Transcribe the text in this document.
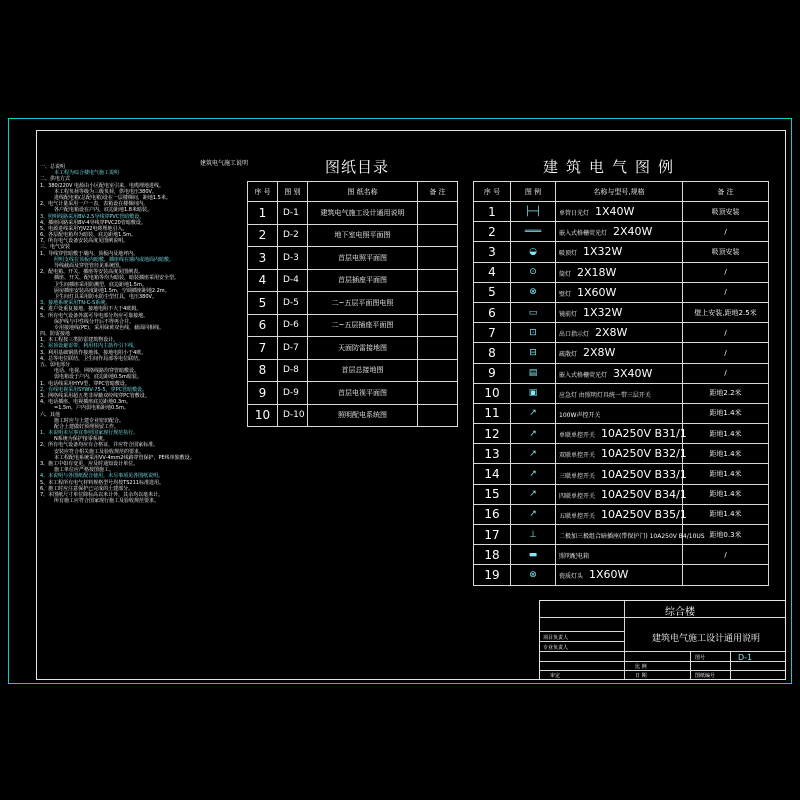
建筑电气施工说明
一、总说明
本工程为综合楼电气施工说明
二、供电方式
1、380/220V 电源由小区配电室引来，电缆埋地进线。
本工程负荷等级为三级负荷，供电电压380V。
进线配电箱(总配电箱)设在一层楼梯间，距地1.5米。
2、电气计量采用一户一表，表箱设在楼梯间内。
各户配电箱设在户内，底边距地1.8米暗装。
3、照明线路采用BV-2.5导线穿PVC管暗敷设。
4、插座回路采用BV-4导线穿PVC20管暗敷设。
5、电源进线采用YJV22电缆埋地引入。
6、各层配电箱均为暗装，底边距地1.5m。
7、所有电气设备安装高度见图例说明。
三、电气安装
1、导线穿管暗敷于墙内、顶板内及地坪内。
照明支线在顶板内暗敷，插座线在墙内或地面内暗敷。
导线截面及穿管管径见系统图。
2、配电箱、开关、插座等安装高度见图例表。
插座、开关、配电箱等均为暗装，暗装插座采用安全型。
卫生间插座采用防溅型，底边距地1.5m。
厨房插座安装高度距地1.5m，空调插座距地2.2m。
卫生间灯具采用防水防尘型灯具，电压380V。
3、接地系统采用TN-C-S系统。
4、进户处重复接地，接地电阻不大于4欧姆。
5、所有电气设备外露可导电部分均应可靠接地。
保护线与中性线分开后不得再合并。
专用接地线(PE)，采用绿黄双色线，截面同相线。
四、防雷接地
1、本工程按三类防雷建筑物设计。
2、屋顶设避雷带，利用柱内主筋作引下线。
3、利用基础钢筋作接地体，接地电阻小于4欧。
4、总等电位联结，卫生间作局部等电位联结。
五、弱电部分
电话、电视、网络线路均穿管暗敷设。
弱电箱设于户内，底边距地0.5m暗装。
1、电话线采用HYV型，穿PC管暗敷设。
2、有线电视采用SYWV-75-5，穿PC管暗敷设。
3、网络线采用超五类非屏蔽双绞线穿PC管敷设。
4、电话插座、电视插座底边距地0.3m。
=1.5m，户内弱电箱距地0.5m。
六、其他
施工时应与土建专业密切配合。
配合土建做好预埋预留工作。
1、本说明未尽事宜参照国家现行规范执行。
N系统为保护接零系统。
2、所有电气设备均应有合格证，并应符合国家标准。
安装应符合相关施工及验收规范的要求。
本工程配电系统采用VV-4mm2线路穿管保护，PE线单独敷设。
3、施工中如有变更，应及时通知设计单位。
施工单位应严格按图施工。
4、本说明与各图纸配合使用，未尽事项见各图纸说明。
5、本工程所有电气材料规格型号均按TS211标准选用。
6、施工时应注意保护已完成的土建部分。
7、本图纸尺寸单位除标高以米计外，其余均以毫米计。
所有施工应符合国家现行施工及验收规范要求。
图纸目录
序 号	图 别	图 纸名称	备 注
1	D-1	建筑电气施工设计通用说明	
2	D-2	地下室电照平面图	
3	D-3	首层电照平面图	
4	D-4	首层插座平面图	
5	D-5	二~五层平面图电照	
6	D-6	二~五层插座平面图	
7	D-7	天面防雷接地图	
8	D-8	首层总接地图	
9	D-9	首层电视平面图	
10	D-10	照明配电系统图	
建筑电气图例
序 号	图 例	名称与型号,规格	备 注
1	├─┤	单管日光灯 1X40W	吸顶安装
2	═══	嵌入式格栅荧光灯 2X40W	/
3	◒	吸顶灯 1X32W	吸顶安装
4	⊙	筒灯 2X18W	/
5	⊗	壁灯 1X60W	/
6	▭	镜前灯 1X32W	壁上安装,距地2.5米
7	⊡	出口指示灯 2X8W	/
8	⊟	疏散灯 2X8W	/
9	▤	嵌入式格栅荧光灯 3X40W	/
10	▣	应急灯 由照明灯具统一带三层开关	距地2.2米
11	↗	100W声控开关	距地1.4米
12	↗	单联单控开关 10A250V B31/1	距地1.4米
13	↗	双联单控开关 10A250V B32/1	距地1.4米
14	↗	三联单控开关 10A250V B33/1	距地1.4米
15	↗	四联单控开关 10A250V B34/1	距地1.4米
16	↗	五联单控开关 10A250V B35/1	距地1.4米
17	⊥	二极加三极组合暗插座(带保护门) 10A250V B4/10US	距地0.3米
18	▬	照明配电箱	/
19	⊗	瓷质灯头 1X60W	
综合楼
建筑电气施工设计通用说明
项目负责人
专业负责人
审定
比 例
日 期
图号
图纸编号
D-1
